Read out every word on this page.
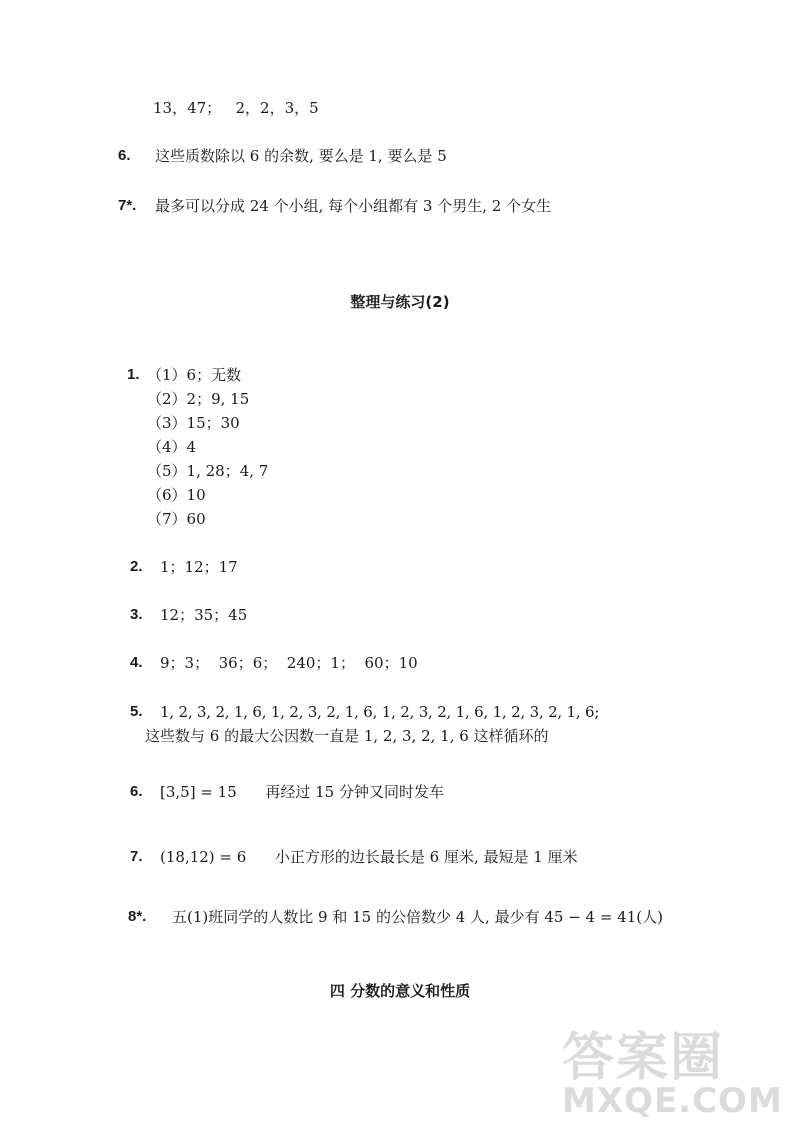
13，47；   2，2，3，5
6. 这些质数除以 6 的余数, 要么是 1, 要么是 5
7*. 最多可以分成 24 个小组, 每个小组都有 3 个男生, 2 个女生
整理与练习(2)
1. （1）6；无数
（2）2；9, 15
（3）15；30
（4）4
（5）1, 28；4, 7
（6）10
（7）60
2. 1；12；17
3. 12；35；45
4. 9；3；  36；6；  240；1；  60；10
5. 1, 2, 3, 2, 1, 6, 1, 2, 3, 2, 1, 6, 1, 2, 3, 2, 1, 6, 1, 2, 3, 2, 1, 6;
这些数与 6 的最大公因数一直是 1, 2, 3, 2, 1, 6 这样循环的
6. [3,5] = 15      再经过 15 分钟又同时发车
7. (18,12) = 6      小正方形的边长最长是 6 厘米, 最短是 1 厘米
8*. 五(1)班同学的人数比 9 和 15 的公倍数少 4 人, 最少有 45 − 4 = 41(人)
四 分数的意义和性质
答案圈
MXQE.COM
